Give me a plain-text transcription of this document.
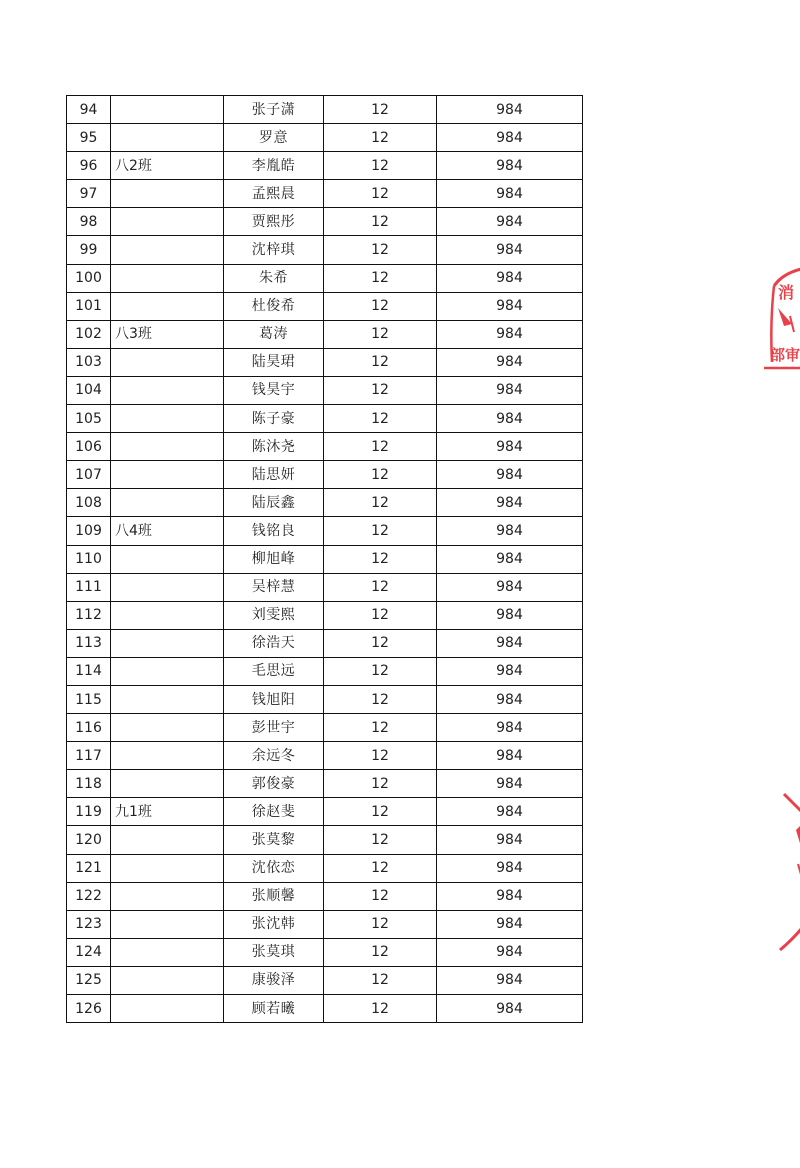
94		张子潇	12	984
95		罗意	12	984
96	八2班	李胤皓	12	984
97		孟熙晨	12	984
98		贾熙彤	12	984
99		沈梓琪	12	984
100		朱希	12	984
101		杜俊希	12	984
102	八3班	葛涛	12	984
103		陆昊珺	12	984
104		钱昊宇	12	984
105		陈子豪	12	984
106		陈沐尧	12	984
107		陆思妍	12	984
108		陆辰鑫	12	984
109	八4班	钱铭良	12	984
110		柳旭峰	12	984
111		吴梓慧	12	984
112		刘雯熙	12	984
113		徐浩天	12	984
114		毛思远	12	984
115		钱旭阳	12	984
116		彭世宇	12	984
117		余远冬	12	984
118		郭俊豪	12	984
119	九1班	徐赵斐	12	984
120		张莫黎	12	984
121		沈依恋	12	984
122		张顺馨	12	984
123		张沈韩	12	984
124		张莫琪	12	984
125		康骏泽	12	984
126		顾若曦	12	984
消
部审
